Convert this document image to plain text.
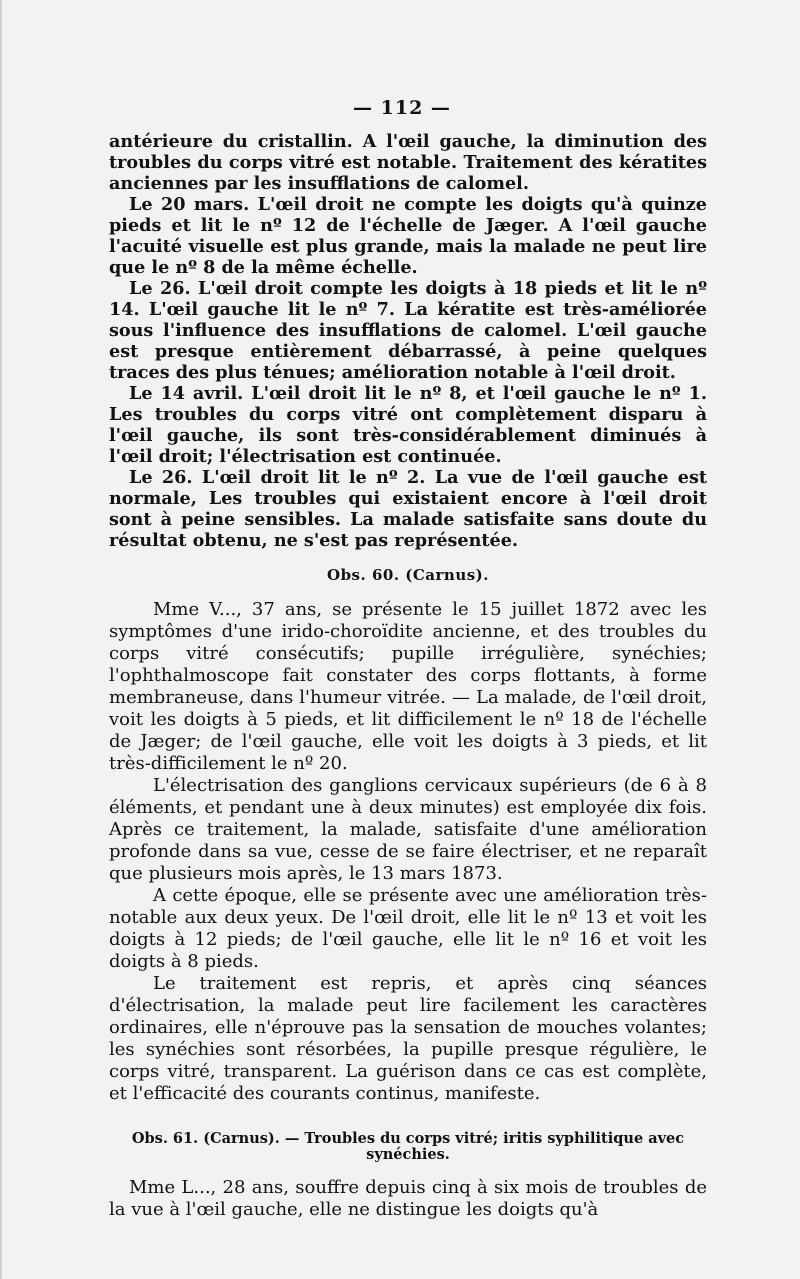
— 112 —

antérieure du cristallin. A l'œil gauche, la diminution des troubles du corps vitré est notable. Traitement des kératites anciennes par les insufflations de calomel.

Le 20 mars. L'œil droit ne compte les doigts qu'à quinze pieds et lit le nº 12 de l'échelle de Jæger. A l'œil gauche l'acuité visuelle est plus grande, mais la malade ne peut lire que le nº 8 de la même échelle.

Le 26. L'œil droit compte les doigts à 18 pieds et lit le nº 14. L'œil gauche lit le nº 7. La kératite est très-améliorée sous l'influence des insufflations de calomel. L'œil gauche est presque entièrement débarrassé, à peine quelques traces des plus ténues; amélioration notable à l'œil droit.

Le 14 avril. L'œil droit lit le nº 8, et l'œil gauche le nº 1. Les troubles du corps vitré ont complètement disparu à l'œil gauche, ils sont très-considérablement diminués à l'œil droit; l'électrisation est continuée.

Le 26. L'œil droit lit le nº 2. La vue de l'œil gauche est normale, Les troubles qui existaient encore à l'œil droit sont à peine sensibles. La malade satisfaite sans doute du résultat obtenu, ne s'est pas représentée.

Obs. 60. (Carnus).

Mme V..., 37 ans, se présente le 15 juillet 1872 avec les symptômes d'une irido-choroïdite ancienne, et des troubles du corps vitré consécutifs; pupille irrégulière, synéchies; l'ophthalmoscope fait constater des corps flottants, à forme membraneuse, dans l'humeur vitrée. — La malade, de l'œil droit, voit les doigts à 5 pieds, et lit difficilement le nº 18 de l'échelle de Jæger; de l'œil gauche, elle voit les doigts à 3 pieds, et lit très-difficilement le nº 20.

L'électrisation des ganglions cervicaux supérieurs (de 6 à 8 éléments, et pendant une à deux minutes) est employée dix fois. Après ce traitement, la malade, satisfaite d'une amélioration profonde dans sa vue, cesse de se faire électriser, et ne reparaît que plusieurs mois après, le 13 mars 1873.

A cette époque, elle se présente avec une amélioration très-notable aux deux yeux. De l'œil droit, elle lit le nº 13 et voit les doigts à 12 pieds; de l'œil gauche, elle lit le nº 16 et voit les doigts à 8 pieds.

Le traitement est repris, et après cinq séances d'électrisation, la malade peut lire facilement les caractères ordinaires, elle n'éprouve pas la sensation de mouches volantes; les synéchies sont résorbées, la pupille presque régulière, le corps vitré, transparent. La guérison dans ce cas est complète, et l'efficacité des courants continus, manifeste.

Obs. 61. (Carnus). — Troubles du corps vitré; iritis syphilitique avec synéchies.

Mme L..., 28 ans, souffre depuis cinq à six mois de troubles de la vue à l'œil gauche, elle ne distingue les doigts qu'à
